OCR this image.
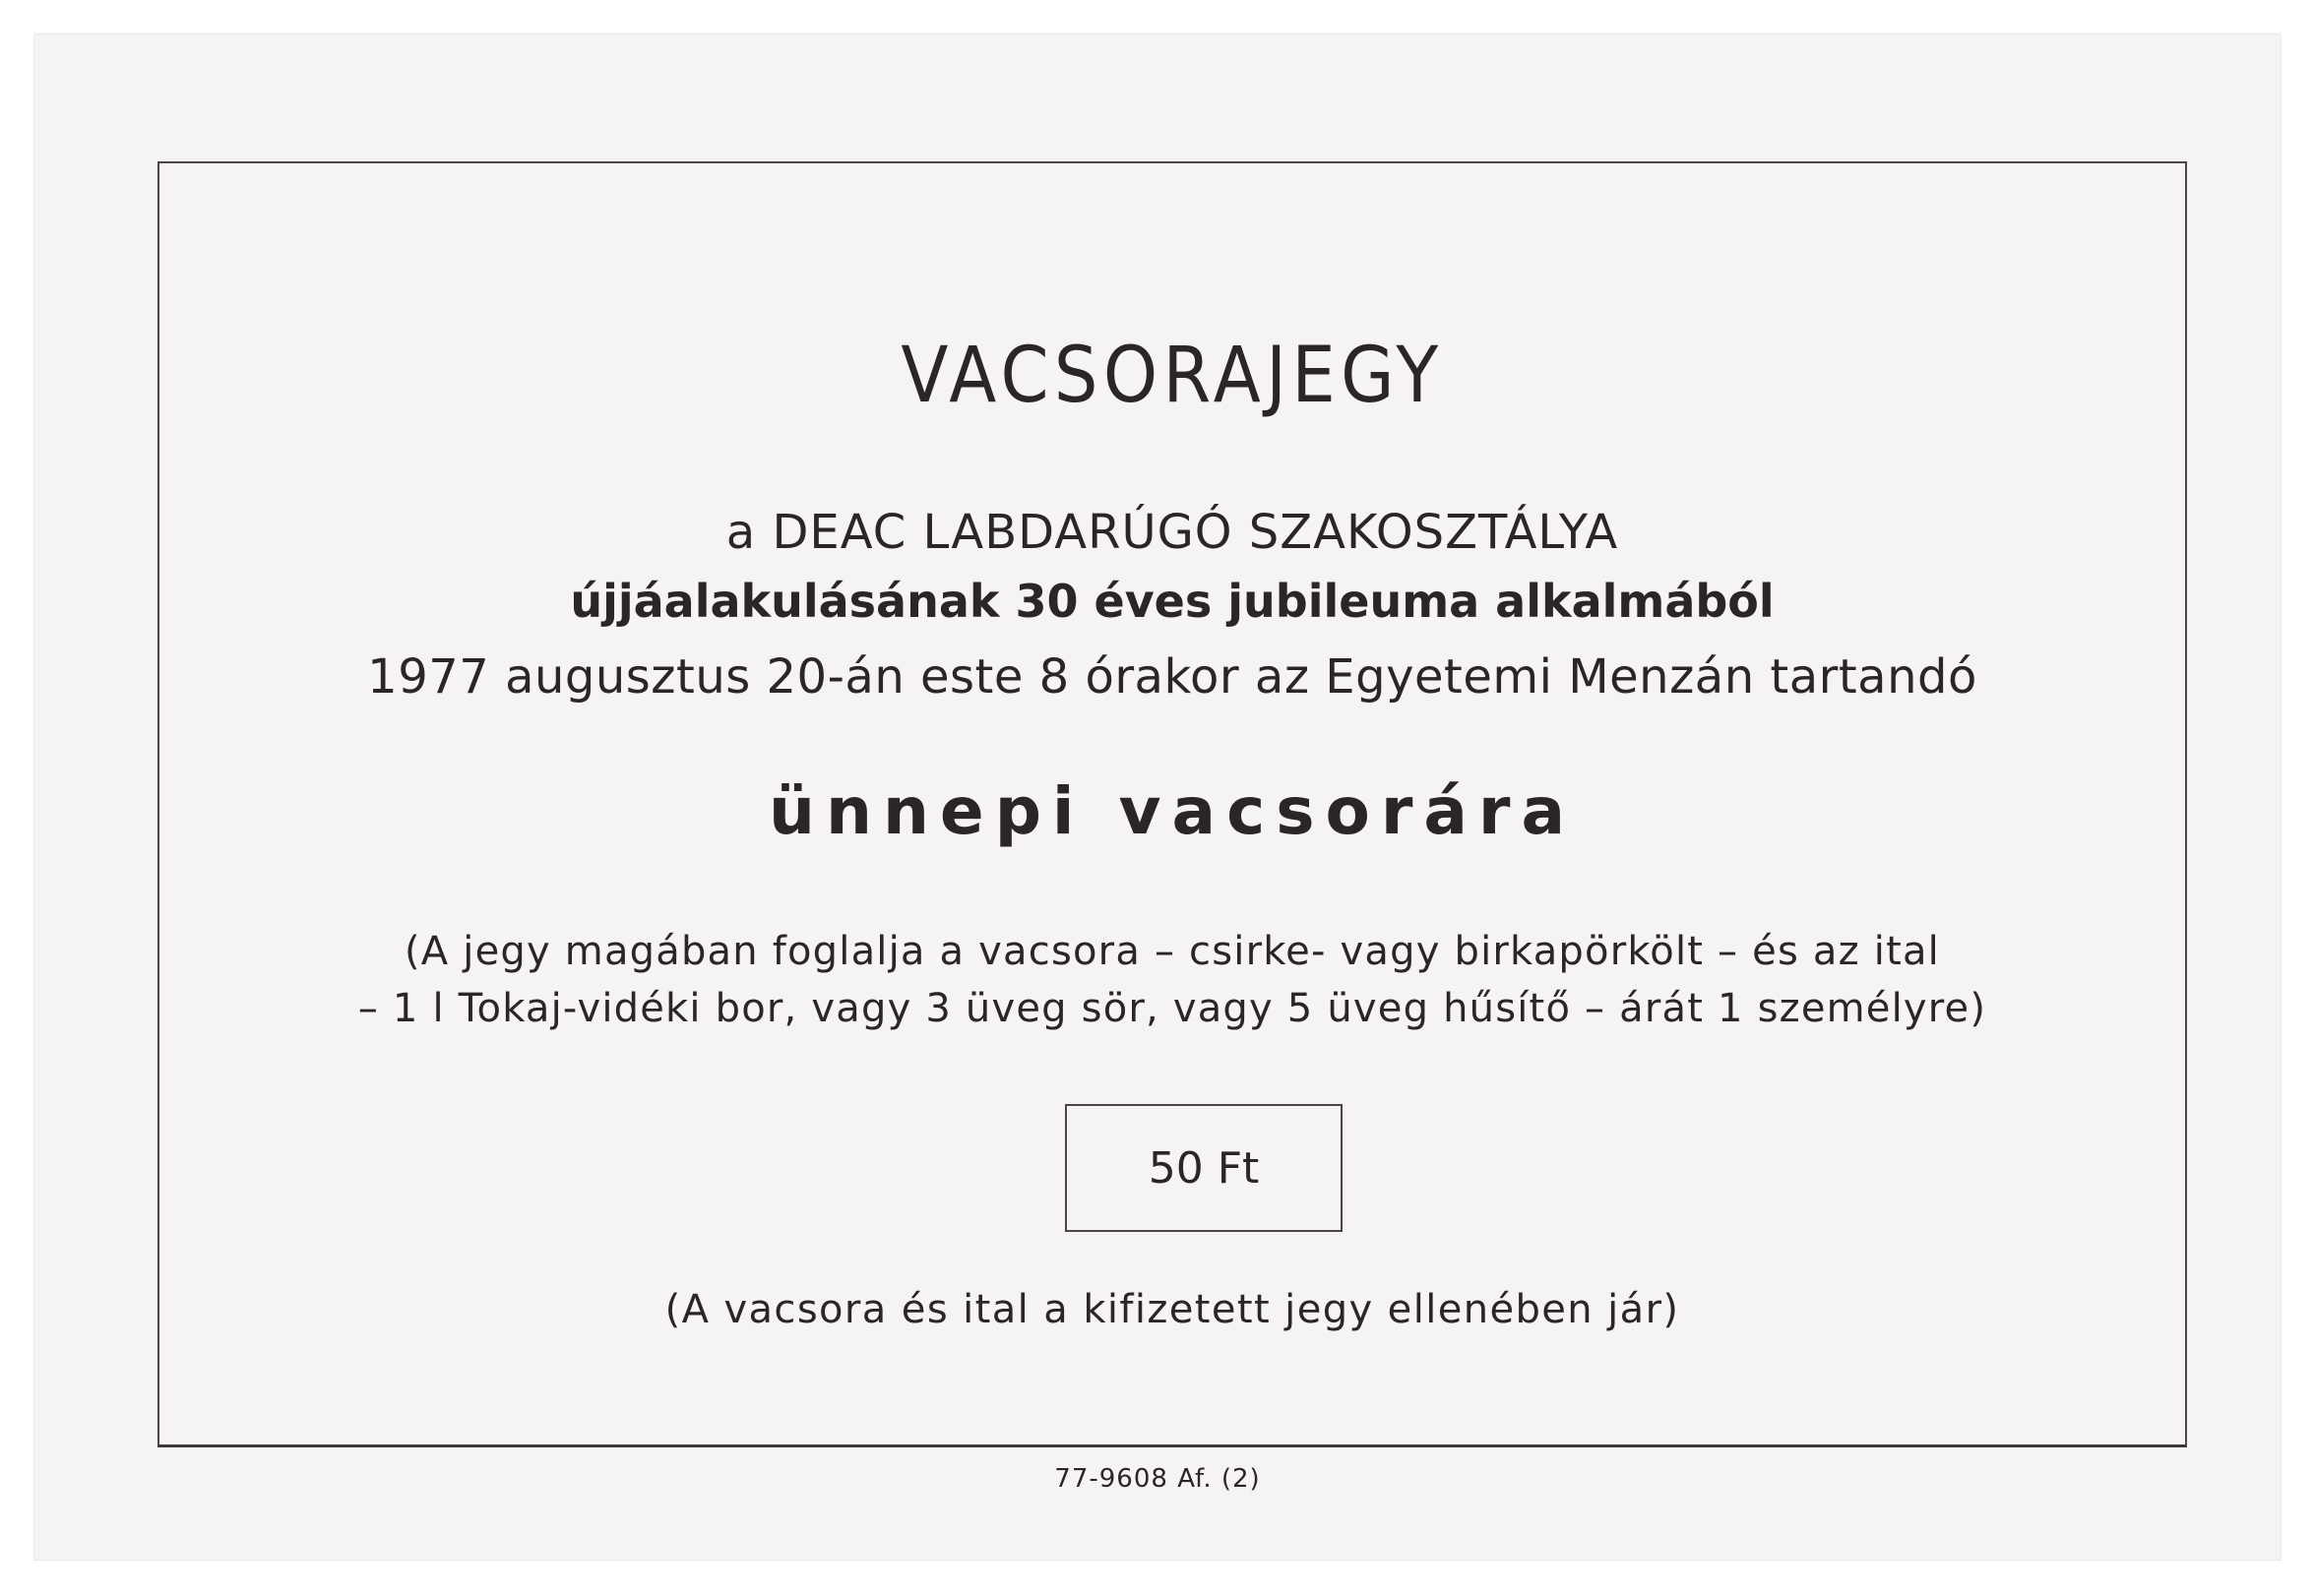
VACSORAJEGY
a DEAC LABDARÚGÓ SZAKOSZTÁLYA
újjáalakulásának 30 éves jubileuma alkalmából
1977 augusztus 20-án este 8 órakor az Egyetemi Menzán tartandó
ünnepi vacsorára
(A jegy magában foglalja a vacsora – csirke- vagy birkapörkölt – és az ital
– 1 l Tokaj-vidéki bor, vagy 3 üveg sör, vagy 5 üveg hűsítő – árát 1 személyre)
50 Ft
(A vacsora és ital a kifizetett jegy ellenében jár)
77-9608 Af. (2)
